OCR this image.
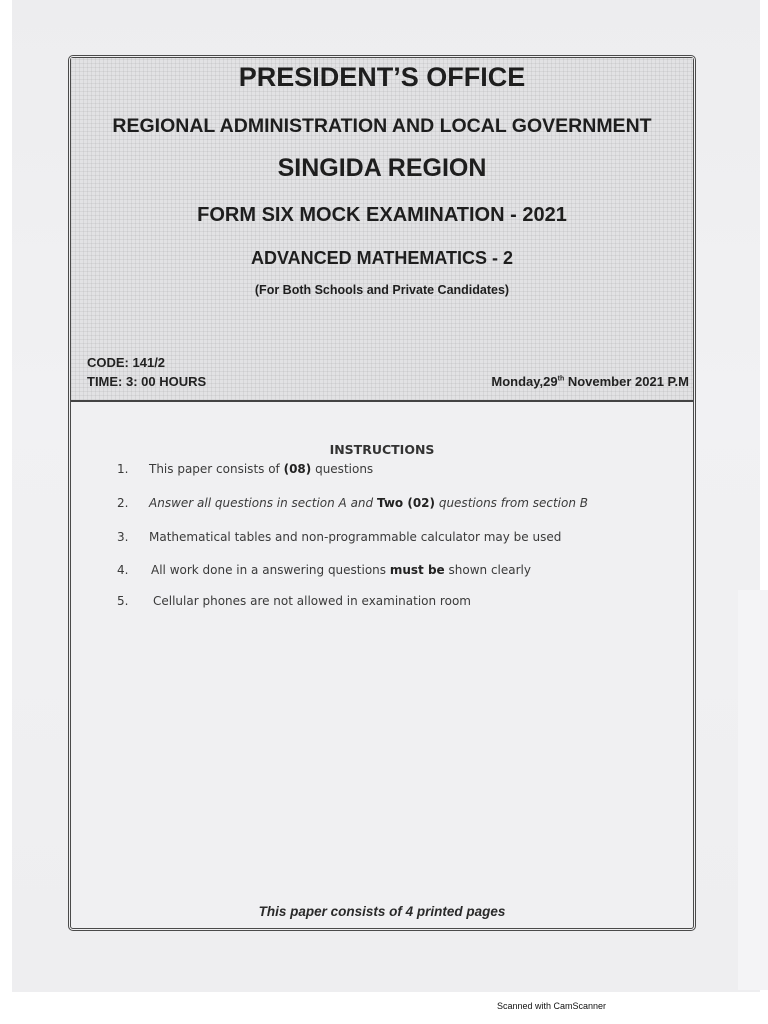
PRESIDENT’S OFFICE
REGIONAL ADMINISTRATION AND LOCAL GOVERNMENT
SINGIDA REGION
FORM SIX MOCK EXAMINATION - 2021
ADVANCED MATHEMATICS - 2
(For Both Schools and Private Candidates)
CODE: 141/2
TIME: 3: 00 HOURS	Monday,29th November 2021 P.M
INSTRUCTIONS
1.	This paper consists of (08) questions
2.	Answer all questions in section A and Two (02) questions from section B
3.	Mathematical tables and non-programmable calculator may be used
4.	All work done in a answering questions must be shown clearly
5.	Cellular phones are not allowed in examination room
This paper consists of 4 printed pages
Scanned with CamScanner
